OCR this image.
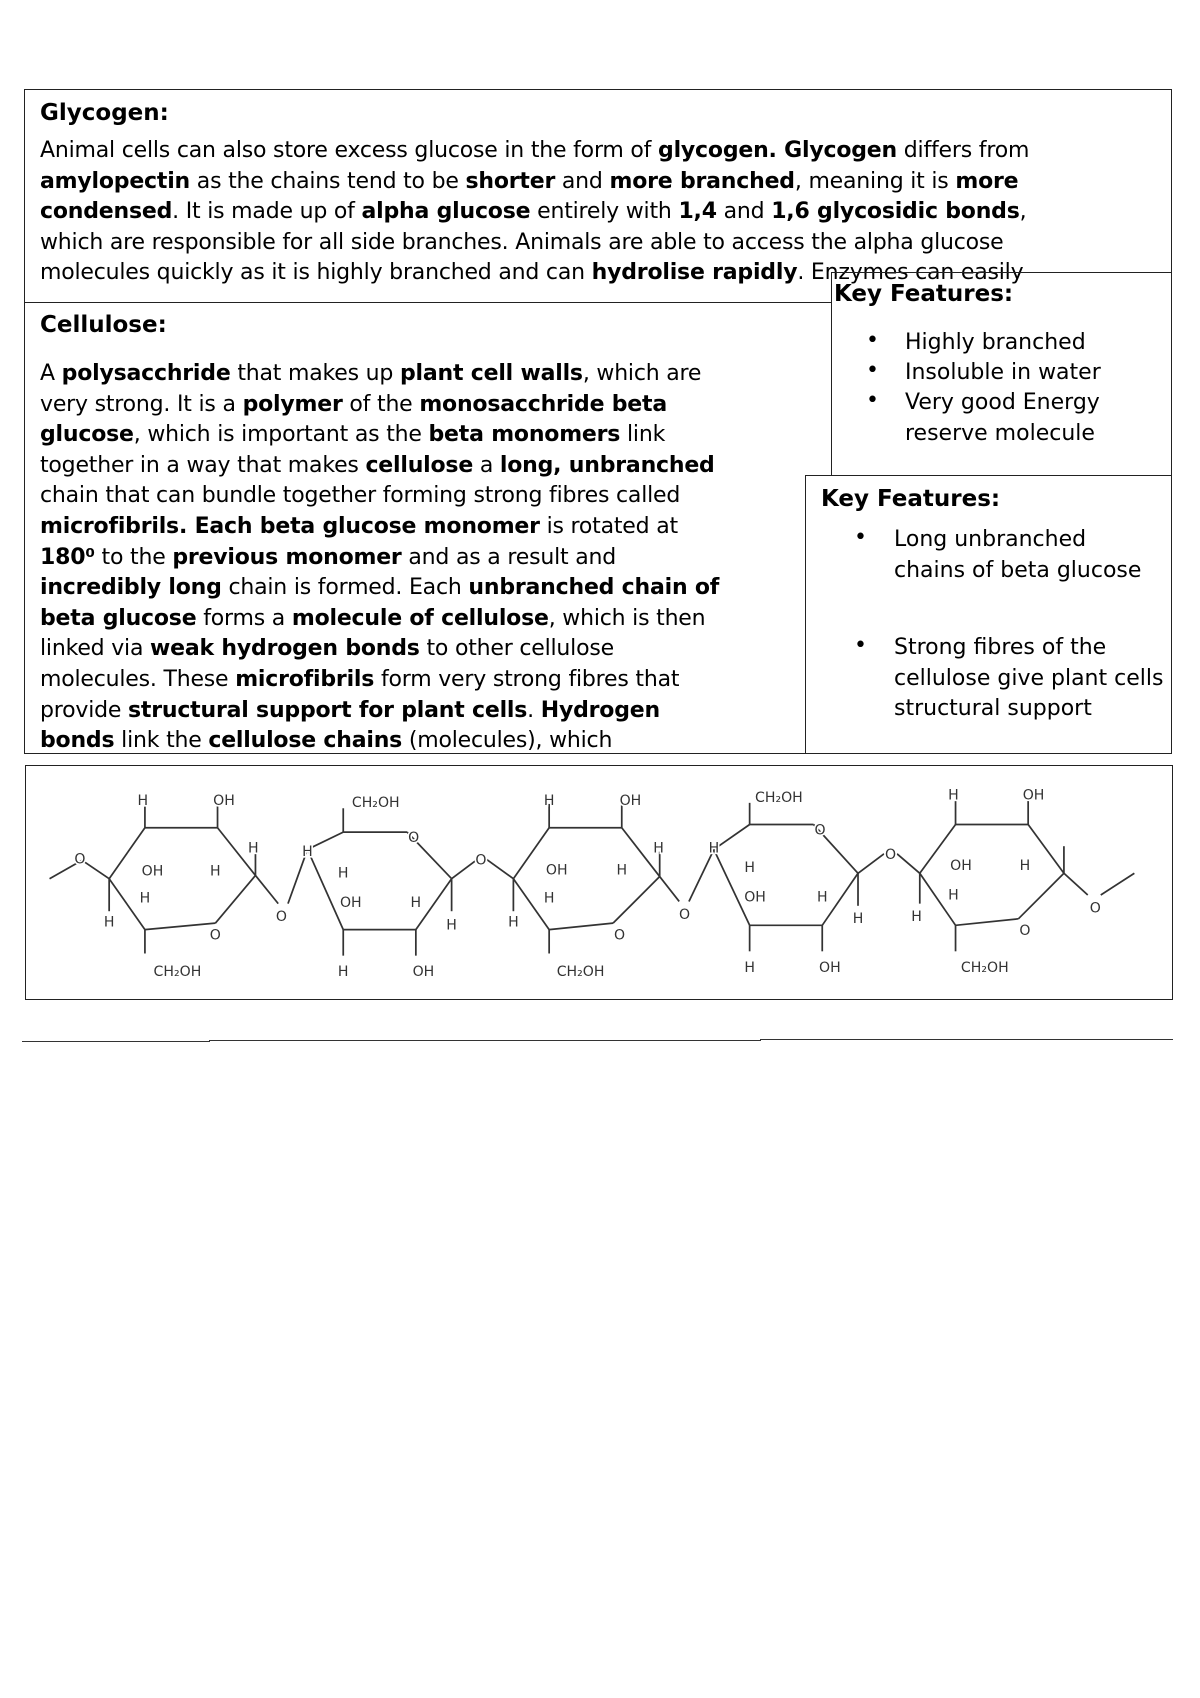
Glycogen:
Animal cells can also store excess glucose in the form of glycogen. Glycogen differs from
amylopectin as the chains tend to be shorter and more branched, meaning it is more
condensed. It is made up of alpha glucose entirely with 1,4 and 1,6 glycosidic bonds,
which are responsible for all side branches. Animals are able to access the alpha glucose
molecules quickly as it is highly branched and can hydrolise rapidly. Enzymes can easily
Cellulose:
A polysacchride that makes up plant cell walls, which are
very strong. It is a polymer of the monosacchride beta
glucose, which is important as the beta monomers link
together in a way that makes cellulose a long, unbranched
chain that can bundle together forming strong fibres called
microfibrils. Each beta glucose monomer is rotated at
180⁰ to the previous monomer and as a result and
incredibly long chain is formed. Each unbranched chain of
beta glucose forms a molecule of cellulose, which is then
linked via weak hydrogen bonds to other cellulose
molecules. These microfibrils form very strong fibres that
provide structural support for plant cells. Hydrogen
bonds link the cellulose chains (molecules), which
Key Features:
• Highly branched
• Insoluble in water
• Very good Energy reserve molecule
Key Features:
• Long unbranched chains of beta glucose
• Strong fibres of the cellulose give plant cells structural support
H	OH
H
OH	H
H
H
O
CH₂OH
O
CH₂OH
O
H
H
OH	H
H
H	OH
O
H	OH
H
OH	H
H
H
O
CH₂OH
O
CH₂OH
O
H
H
OH	H
H
H	OH
O
H	OH
OH	H
H
H
O
CH₂OH
O
O
